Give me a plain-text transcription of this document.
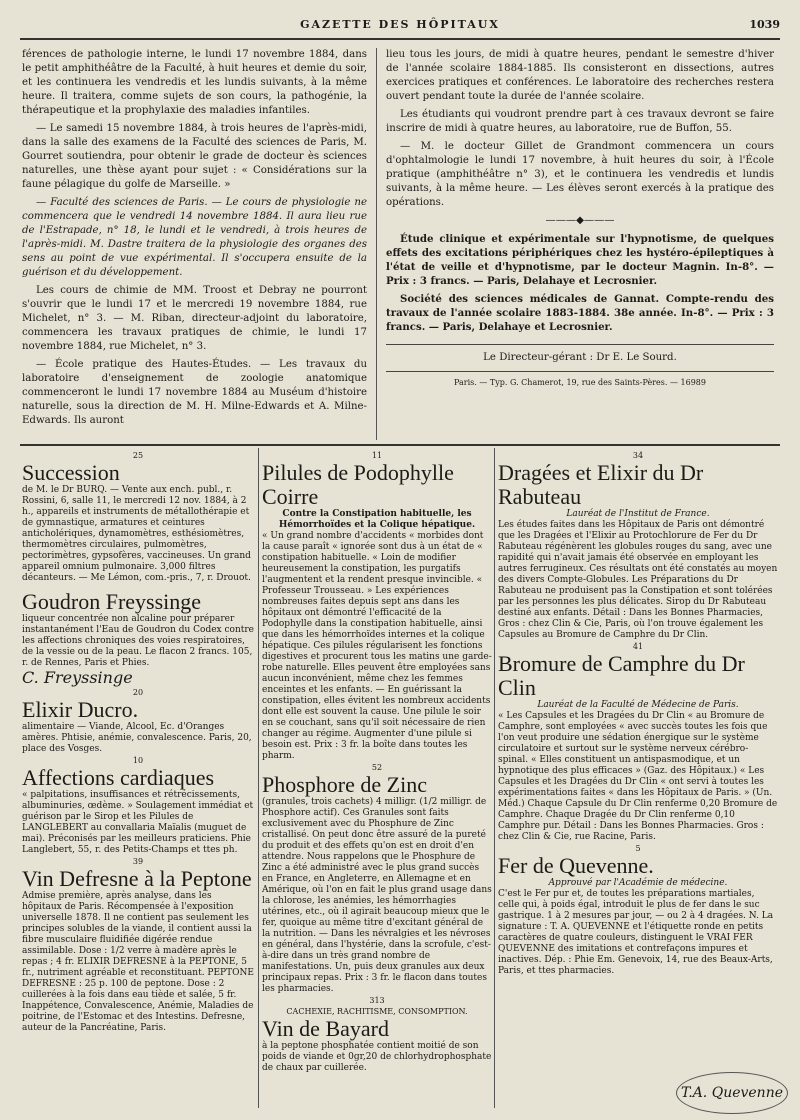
GAZETTE DES HÔPITAUX	1039

férences de pathologie interne, le lundi 17 novembre 1884, dans le petit amphithéâtre de la Faculté, à huit heures et demie du soir, et les continuera les vendredis et les lundis suivants, à la même heure. Il traitera, comme sujets de son cours, la pathogénie, la thérapeutique et la prophylaxie des maladies infantiles.

— Le samedi 15 novembre 1884, à trois heures de l'après-midi, dans la salle des examens de la Faculté des sciences de Paris, M. Gourret soutiendra, pour obtenir le grade de docteur ès sciences naturelles, une thèse ayant pour sujet : « Considérations sur la faune pélagique du golfe de Marseille. »

— Faculté des sciences de Paris. — Le cours de physiologie ne commencera que le vendredi 14 novembre 1884. Il aura lieu rue de l'Estrapade, n° 18, le lundi et le vendredi, à trois heures de l'après-midi. M. Dastre traitera de la physiologie des organes des sens au point de vue expérimental. Il s'occupera ensuite de la guérison et du développement.

Les cours de chimie de MM. Troost et Debray ne pourront s'ouvrir que le lundi 17 et le mercredi 19 novembre 1884, rue Michelet, n° 3. — M. Riban, directeur-adjoint du laboratoire, commencera les travaux pratiques de chimie, le lundi 17 novembre 1884, rue Michelet, n° 3.

— École pratique des Hautes-Études. — Les travaux du laboratoire d'enseignement de zoologie anatomique commenceront le lundi 17 novembre 1884 au Muséum d'histoire naturelle, sous la direction de M. H. Milne-Edwards et A. Milne-Edwards. Ils auront

lieu tous les jours, de midi à quatre heures, pendant le semestre d'hiver de l'année scolaire 1884-1885. Ils consisteront en dissections, autres exercices pratiques et conférences. Le laboratoire des recherches restera ouvert pendant toute la durée de l'année scolaire.

Les étudiants qui voudront prendre part à ces travaux devront se faire inscrire de midi à quatre heures, au laboratoire, rue de Buffon, 55.

— M. le docteur Gillet de Grandmont commencera un cours d'ophtalmologie le lundi 17 novembre, à huit heures du soir, à l'École pratique (amphithéâtre n° 3), et le continuera les vendredis et lundis suivants, à la même heure. — Les élèves seront exercés à la pratique des opérations.

———◆———

Étude clinique et expérimentale sur l'hypnotisme, de quelques effets des excitations périphériques chez les hystéro-épileptiques à l'état de veille et d'hypnotisme, par le docteur Magnin. In-8°. — Prix : 3 francs. — Paris, Delahaye et Lecrosnier.

Société des sciences médicales de Gannat. Compte-rendu des travaux de l'année scolaire 1883-1884. 38e année. In-8°. — Prix : 3 francs. — Paris, Delahaye et Lecrosnier.

Le Directeur-gérant : Dr E. Le Sourd.
Paris. — Typ. G. Chamerot, 19, rue des Saints-Pères. — 16989
25
Succession

de M. le Dr BURQ. — Vente aux ench. publ., r. Rossini, 6, salle 11, le mercredi 12 nov. 1884, à 2 h., appareils et instruments de métallothérapie et de gymnastique, armatures et ceintures anticholériques, dynamomètres, esthésiomètres, thermomètres circulaires, pulmomètres, pectorimètres, gypsofères, vaccineuses. Un grand appareil omnium pulmonaire. 3,000 filtres décanteurs. — Me Lémon, com.-pris., 7, r. Drouot.

Goudron Freyssinge

liqueur concentrée non alcaline pour préparer instantanément l'Eau de Goudron du Codex contre les affections chroniques des voies respiratoires, de la vessie ou de la peau. Le flacon 2 francs. 105, r. de Rennes, Paris et Phies.

C. Freyssinge
20
Elixir Ducro.

alimentaire — Viande, Alcool, Ec. d'Oranges amères. Phtisie, anémie, convalescence. Paris, 20, place des Vosges.

10
Affections cardiaques

« palpitations, insuffisances et rétrécissements, albuminuries, œdème. » Soulagement immédiat et guérison par le Sirop et les Pilules de LANGLEBERT au convallaria Maïalis (muguet de mai). Préconisés par les meilleurs praticiens. Phie Langlebert, 55, r. des Petits-Champs et ttes ph.

39
Vin Defresne à la Peptone

Admise première, après analyse, dans les hôpitaux de Paris. Récompensée à l'exposition universelle 1878. Il ne contient pas seulement les principes solubles de la viande, il contient aussi la fibre musculaire fluidifiée digérée rendue assimilable. Dose : 1/2 verre à madère après le repas ; 4 fr. ELIXIR DEFRESNE à la PEPTONE, 5 fr., nutriment agréable et reconstituant. PEPTONE DEFRESNE : 25 p. 100 de peptone. Dose : 2 cuillerées à la fois dans eau tiède et salée, 5 fr. Inappétence, Convalescence, Anémie, Maladies de poitrine, de l'Estomac et des Intestins. Defresne, auteur de la Pancréatine, Paris.

11
Pilules de Podophylle Coirre
Contre la Constipation habituelle, les Hémorrhoïdes et la Colique hépatique.

« Un grand nombre d'accidents « morbides dont la cause paraît « ignorée sont dus à un état de « constipation habituelle. « Loin de modifier heureusement la constipation, les purgatifs l'augmentent et la rendent presque invincible. « Professeur Trousseau. » Les expériences nombreuses faites depuis sept ans dans les hôpitaux ont démontré l'efficacité de la Podophylle dans la constipation habituelle, ainsi que dans les hémorrhoïdes internes et la colique hépatique. Ces pilules régularisent les fonctions digestives et procurent tous les matins une garde-robe naturelle. Elles peuvent être employées sans aucun inconvénient, même chez les femmes enceintes et les enfants. — En guérissant la constipation, elles évitent les nombreux accidents dont elle est souvent la cause. Une pilule le soir en se couchant, sans qu'il soit nécessaire de rien changer au régime. Augmenter d'une pilule si besoin est. Prix : 3 fr. la boîte dans toutes les pharm.

52
Phosphore de Zinc

(granules, trois cachets) 4 milligr. (1/2 milligr. de Phosphore actif). Ces Granules sont faits exclusivement avec du Phosphure de Zinc cristallisé. On peut donc être assuré de la pureté du produit et des effets qu'on est en droit d'en attendre. Nous rappelons que le Phosphure de Zinc a été administré avec le plus grand succès en France, en Angleterre, en Allemagne et en Amérique, où l'on en fait le plus grand usage dans la chlorose, les anémies, les hémorrhagies utérines, etc., où il agirait beaucoup mieux que le fer, quoique au même titre d'excitant général de la nutrition. — Dans les névralgies et les névroses en général, dans l'hystérie, dans la scrofule, c'est-à-dire dans un très grand nombre de manifestations. Un, puis deux granules aux deux principaux repas. Prix : 3 fr. le flacon dans toutes les pharmacies.

313
CACHEXIE, RACHITISME, CONSOMPTION.
Vin de Bayard

à la peptone phosphatée contient moitié de son poids de viande et 0gr,20 de chlorhydrophosphate de chaux par cuillerée.

34
Dragées et Elixir du Dr Rabuteau
Lauréat de l'Institut de France.

Les études faites dans les Hôpitaux de Paris ont démontré que les Dragées et l'Elixir au Protochlorure de Fer du Dr Rabuteau régénèrent les globules rouges du sang, avec une rapidité qui n'avait jamais été observée en employant les autres ferrugineux. Ces résultats ont été constatés au moyen des divers Compte-Globules. Les Préparations du Dr Rabuteau ne produisent pas la Constipation et sont tolérées par les personnes les plus délicates. Sirop du Dr Rabuteau destiné aux enfants. Détail : Dans les Bonnes Pharmacies, Gros : chez Clin & Cie, Paris, où l'on trouve également les Capsules au Bromure de Camphre du Dr Clin.

41
Bromure de Camphre du Dr Clin
Lauréat de la Faculté de Médecine de Paris.

« Les Capsules et les Dragées du Dr Clin « au Bromure de Camphre, sont employées « avec succès toutes les fois que l'on veut produire une sédation énergique sur le système circulatoire et surtout sur le système nerveux cérébro-spinal. « Elles constituent un antispasmodique, et un hypnotique des plus efficaces » (Gaz. des Hôpitaux.) « Les Capsules et les Dragées du Dr Clin « ont servi à toutes les expérimentations faites « dans les Hôpitaux de Paris. » (Un. Méd.) Chaque Capsule du Dr Clin renferme 0,20 Bromure de Camphre. Chaque Dragée du Dr Clin renferme 0,10 Camphre pur. Détail : Dans les Bonnes Pharmacies. Gros : chez Clin & Cie, rue Racine, Paris.

5
Fer de Quevenne.
Approuvé par l'Académie de médecine.

C'est le Fer pur et, de toutes les préparations martiales, celle qui, à poids égal, introduit le plus de fer dans le suc gastrique. 1 à 2 mesures par jour, — ou 2 à 4 dragées. N. La signature : T. A. QUEVENNE et l'étiquette ronde en petits caractères de quatre couleurs, distinguent le VRAI FER QUEVENNE des imitations et contrefaçons impures et inactives. Dép. : Phie Em. Genevoix, 14, rue des Beaux-Arts, Paris, et ttes pharmacies.

T.A. Quevenne
